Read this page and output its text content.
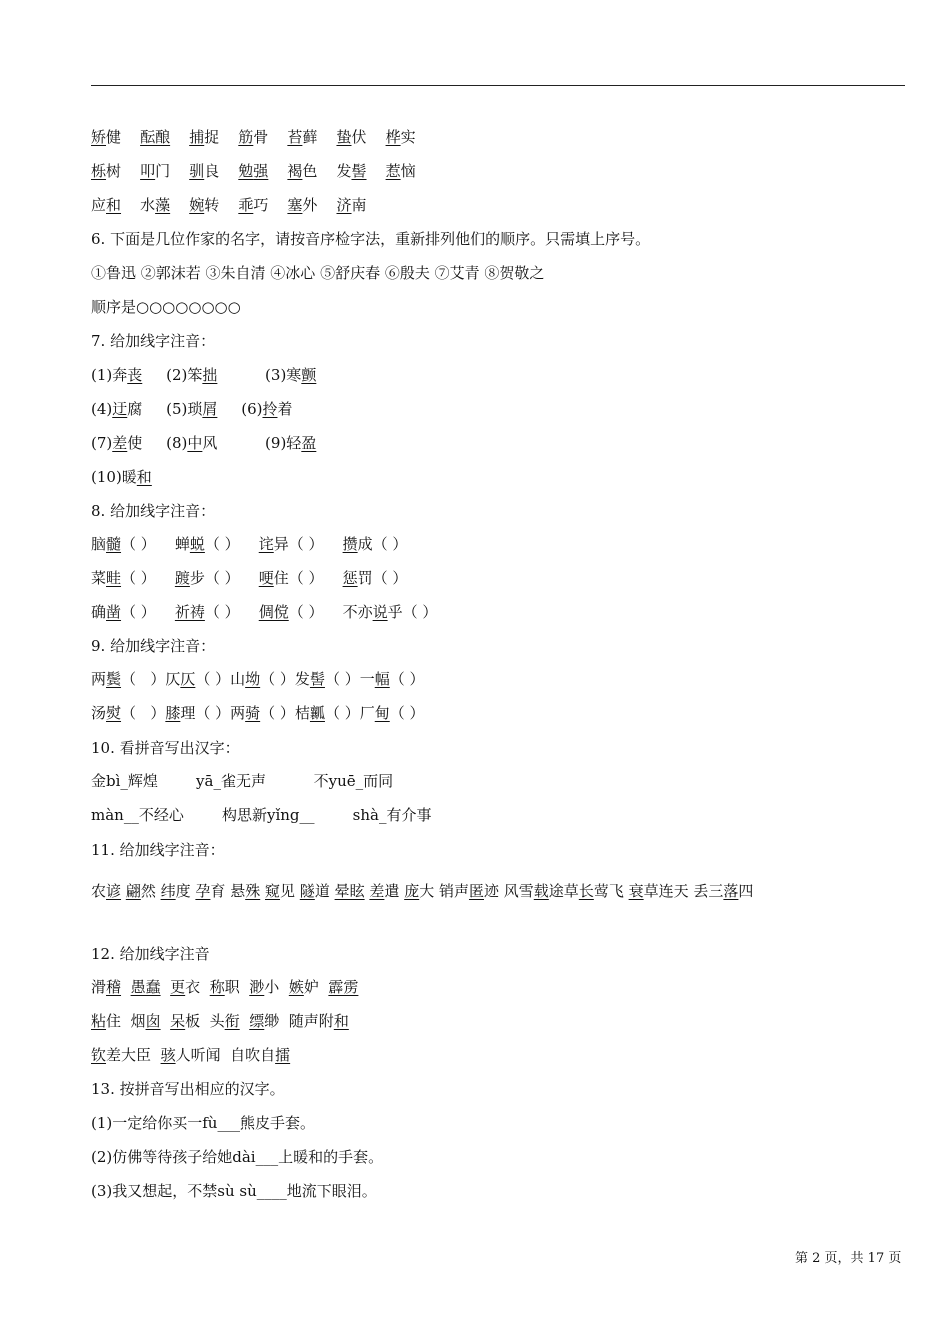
矫健    酝酿 捕捉    筋骨    苔藓    蛰伏    桦实
栎树    叩门    驯良    勉强 褐色    发髻 惹恼
应和 水藻 婉转    乖巧    塞外    济南
6. 下面是几位作家的名字，请按音序检字法，重新排列他们的顺序。只需填上序号。
①鲁迅 ②郭沫若 ③朱自清 ④冰心 ⑤舒庆春 ⑥殷夫 ⑦艾青 ⑧贺敬之
顺序是○○○○○○○○
7. 给加线字注音：
(1)奔丧     (2)笨拙          (3)寒颤
(4)迂腐     (5)琐屑     (6)拎着
(7)差使     (8)中风          (9)轻盈
(10)暖和
8. 给加线字注音：
脑髓（ ）    蝉蜕（ ）    诧异（ ）    攒成（ ）
菜畦（ ）    踱步（ ）    哽住（ ）    惩罚（ ）
确凿（ ）    祈祷（ ）    倜傥（ ）    不亦说乎（ ）
9. 给加线字注音：
两鬓（   ）仄仄（ ）山坳（ ）发髻（ ）一幅（ ）
汤熨（   ）膝理（ ）两骑（ ）桔瓤（ ）厂甸（ ）
10. 看拼音写出汉字：
金bì_辉煌        yā_雀无声          不yuē_而同
màn__不经心        构思新yǐng__        shà_有介事
11. 给加线字注音：
农谚 翩然 纬度 孕育 悬殊 窥见 隧道 晕眩 差遣 庞大 销声匿迹 风雪载途草长莺飞 衰草连天 丢三落四
12. 给加线字注音
滑稽 愚蠢 更衣  称职  渺小  嫉妒  霹雳
粘住  烟囱 呆板  头衔 缥缈  随声附和
钦差大臣  骇人听闻  自吹自擂
13. 按拼音写出相应的汉字。
(1)一定给你买一fù___熊皮手套。
(2)仿佛等待孩子给她dài___上暖和的手套。
(3)我又想起，不禁sù sù____地流下眼泪。
第 2 页，共 17 页
